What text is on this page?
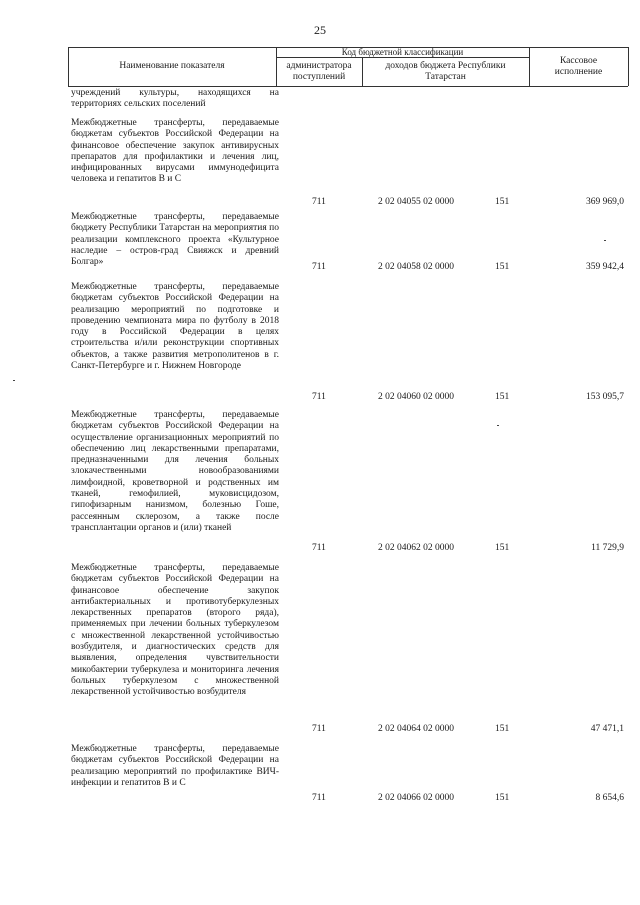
25
Наименование показателя
Код бюджетной классификации
администратора поступлений
доходов бюджета Республики Татарстан
Кассовое исполнение
учреждений культуры, находящихся на территориях сельских поселений
Межбюджетные трансферты, передаваемые бюджетам субъектов Российской Федерации на финансовое обеспечение закупок антивирусных препаратов для профилактики и лечения лиц, инфицированных вирусами иммунодефицита человека и гепатитов В и С
711	2 02 04055 02 0000	151	369 969,0
Межбюджетные трансферты, передаваемые бюджету Республики Татарстан на мероприятия по реализации комплексного проекта «Культурное наследие – остров-град Свияжск и древний Болгар»	711	2 02 04058 02 0000	151	359 942,4
Межбюджетные трансферты, передаваемые бюджетам субъектов Российской Федерации на реализацию мероприятий по подготовке и проведению чемпионата мира по футболу в 2018 году в Российской Федерации в целях строительства и/или реконструкции спортивных объектов, а также развития метрополитенов в г. Санкт-Петербурге и г. Нижнем Новгороде
711	2 02 04060 02 0000	151	153 095,7
Межбюджетные трансферты, передаваемые бюджетам субъектов Российской Федерации на осуществление организационных мероприятий по обеспечению лиц лекарственными препаратами, предназначенными для лечения больных злокачественными новообразованиями лимфоидной, кроветворной и родственных им тканей, гемофилией, муковисцидозом, гипофизарным нанизмом, болезнью Гоше, рассеянным склерозом, а также после трансплантации органов и (или) тканей
711	2 02 04062 02 0000	151	11 729,9
Межбюджетные трансферты, передаваемые бюджетам субъектов Российской Федерации на финансовое обеспечение закупок антибактериальных и противотуберкулезных лекарственных препаратов (второго ряда), применяемых при лечении больных туберкулезом с множественной лекарственной устойчивостью возбудителя, и диагностических средств для выявления, определения чувствительности микобактерии туберкулеза и мониторинга лечения больных туберкулезом с множественной лекарственной устойчивостью возбудителя
711	2 02 04064 02 0000	151	47 471,1
Межбюджетные трансферты, передаваемые бюджетам субъектов Российской Федерации на реализацию мероприятий по профилактике ВИЧ-инфекции и гепатитов В и С
711	2 02 04066 02 0000	151	8 654,6
